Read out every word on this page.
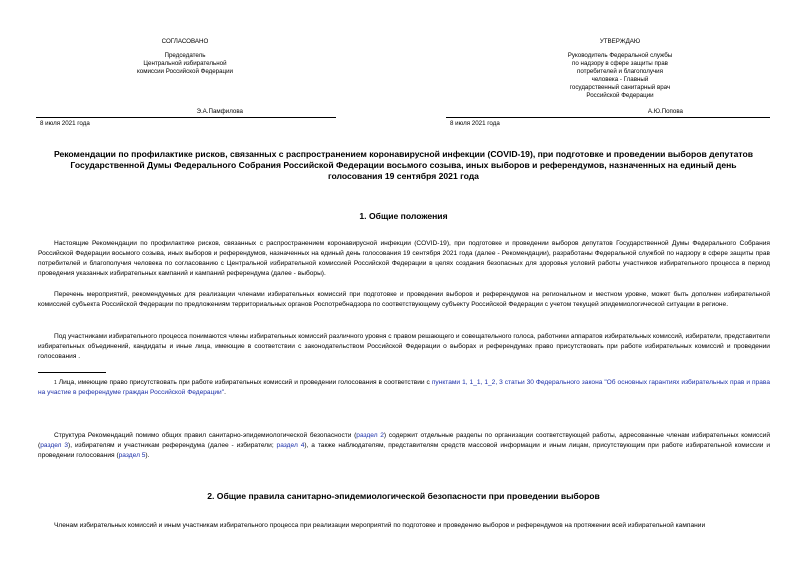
СОГЛАСОВАНО
Председатель
Центральной избирательной
комиссии Российской Федерации
Э.А.Памфилова
8 июля 2021 года
УТВЕРЖДАЮ
Руководитель Федеральной службы
по надзору в сфере защиты прав
потребителей и благополучия
человека - Главный
государственный санитарный врач
Российской Федерации
А.Ю.Попова
8 июля 2021 года
Рекомендации по профилактике рисков, связанных с распространением коронавирусной инфекции (COVID-19), при подготовке и проведении выборов депутатов
Государственной Думы Федерального Собрания Российской Федерации восьмого созыва, иных выборов и референдумов, назначенных на единый день
голосования 19 сентября 2021 года
1. Общие положения

Настоящие Рекомендации по профилактике рисков, связанных с распространением коронавирусной инфекции (COVID-19), при подготовке и проведении выборов депутатов Государственной Думы Федерального Собрания Российской Федерации восьмого созыва, иных выборов и референдумов, назначенных на единый день голосования 19 сентября 2021 года (далее - Рекомендации), разработаны Федеральной службой по надзору в сфере защиты прав потребителей и благополучия человека по согласованию с Центральной избирательной комиссией Российской Федерации в целях создания безопасных для здоровья условий работы участников избирательного процесса в период проведения указанных избирательных кампаний и кампаний референдума (далее - выборы).

Перечень мероприятий, рекомендуемых для реализации членами избирательных комиссий при подготовке и проведении выборов и референдумов на региональном и местном уровне, может быть дополнен избирательной комиссией субъекта Российской Федерации по предложениям территориальных органов Роспотребнадзора по соответствующему субъекту Российской Федерации с учетом текущей эпидемиологической ситуации в регионе.

Под участниками избирательного процесса понимаются члены избирательных комиссий различного уровня с правом решающего и совещательного голоса, работники аппаратов избирательных комиссий, избиратели, представители избирательных объединений, кандидаты и иные лица, имеющие в соответствии с законодательством Российской Федерации о выборах и референдумах право присутствовать при работе избирательных комиссий и проведении голосования .

$^1$ Лица, имеющие право присутствовать при работе избирательных комиссий и проведении голосования в соответствии с пунктами 1, 1_1, 1_2, 3 статьи 30 Федерального закона "Об основных гарантиях избирательных прав и права на участие в референдуме граждан Российской Федерации".

Структура Рекомендаций помимо общих правил санитарно-эпидемиологической безопасности (раздел 2) содержит отдельные разделы по организации соответствующей работы, адресованные членам избирательных комиссий (раздел 3), избирателям и участникам референдума (далее - избиратели; раздел 4), а также наблюдателям, представителям средств массовой информации и иным лицам, присутствующим при работе избирательной комиссии и проведении голосования (раздел 5).

2. Общие правила санитарно-эпидемиологической безопасности при проведении выборов

Членам избирательных комиссий и иным участникам избирательного процесса при реализации мероприятий по подготовке и проведению выборов и референдумов на протяжении всей избирательной кампании
